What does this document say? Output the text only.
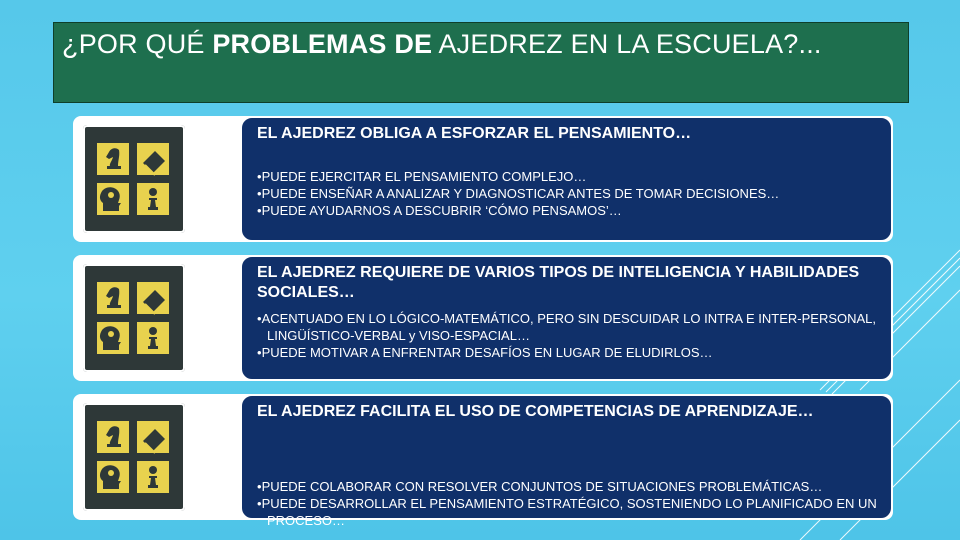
¿POR QUÉ PROBLEMAS DE AJEDREZ EN LA ESCUELA?...
EL AJEDREZ OBLIGA A ESFORZAR EL PENSAMIENTO…
• PUEDE EJERCITAR EL PENSAMIENTO COMPLEJO…
• PUEDE ENSEÑAR A ANALIZAR Y DIAGNOSTICAR ANTES DE TOMAR DECISIONES…
• PUEDE AYUDARNOS A DESCUBRIR ‘CÓMO PENSAMOS’…
EL AJEDREZ REQUIERE DE VARIOS TIPOS DE INTELIGENCIA Y HABILIDADES SOCIALES…
• ACENTUADO EN LO LÓGICO-MATEMÁTICO, PERO SIN DESCUIDAR LO INTRA E INTER-PERSONAL, LINGÜÍSTICO-VERBAL y VISO-ESPACIAL…
• PUEDE MOTIVAR A ENFRENTAR DESAFÍOS EN LUGAR DE ELUDIRLOS…
EL AJEDREZ FACILITA EL USO DE COMPETENCIAS DE APRENDIZAJE…
• PUEDE COLABORAR CON RESOLVER CONJUNTOS DE SITUACIONES PROBLEMÁTICAS…
• PUEDE DESARROLLAR EL PENSAMIENTO ESTRATÉGICO, SOSTENIENDO LO PLANIFICADO EN UN PROCESO…
